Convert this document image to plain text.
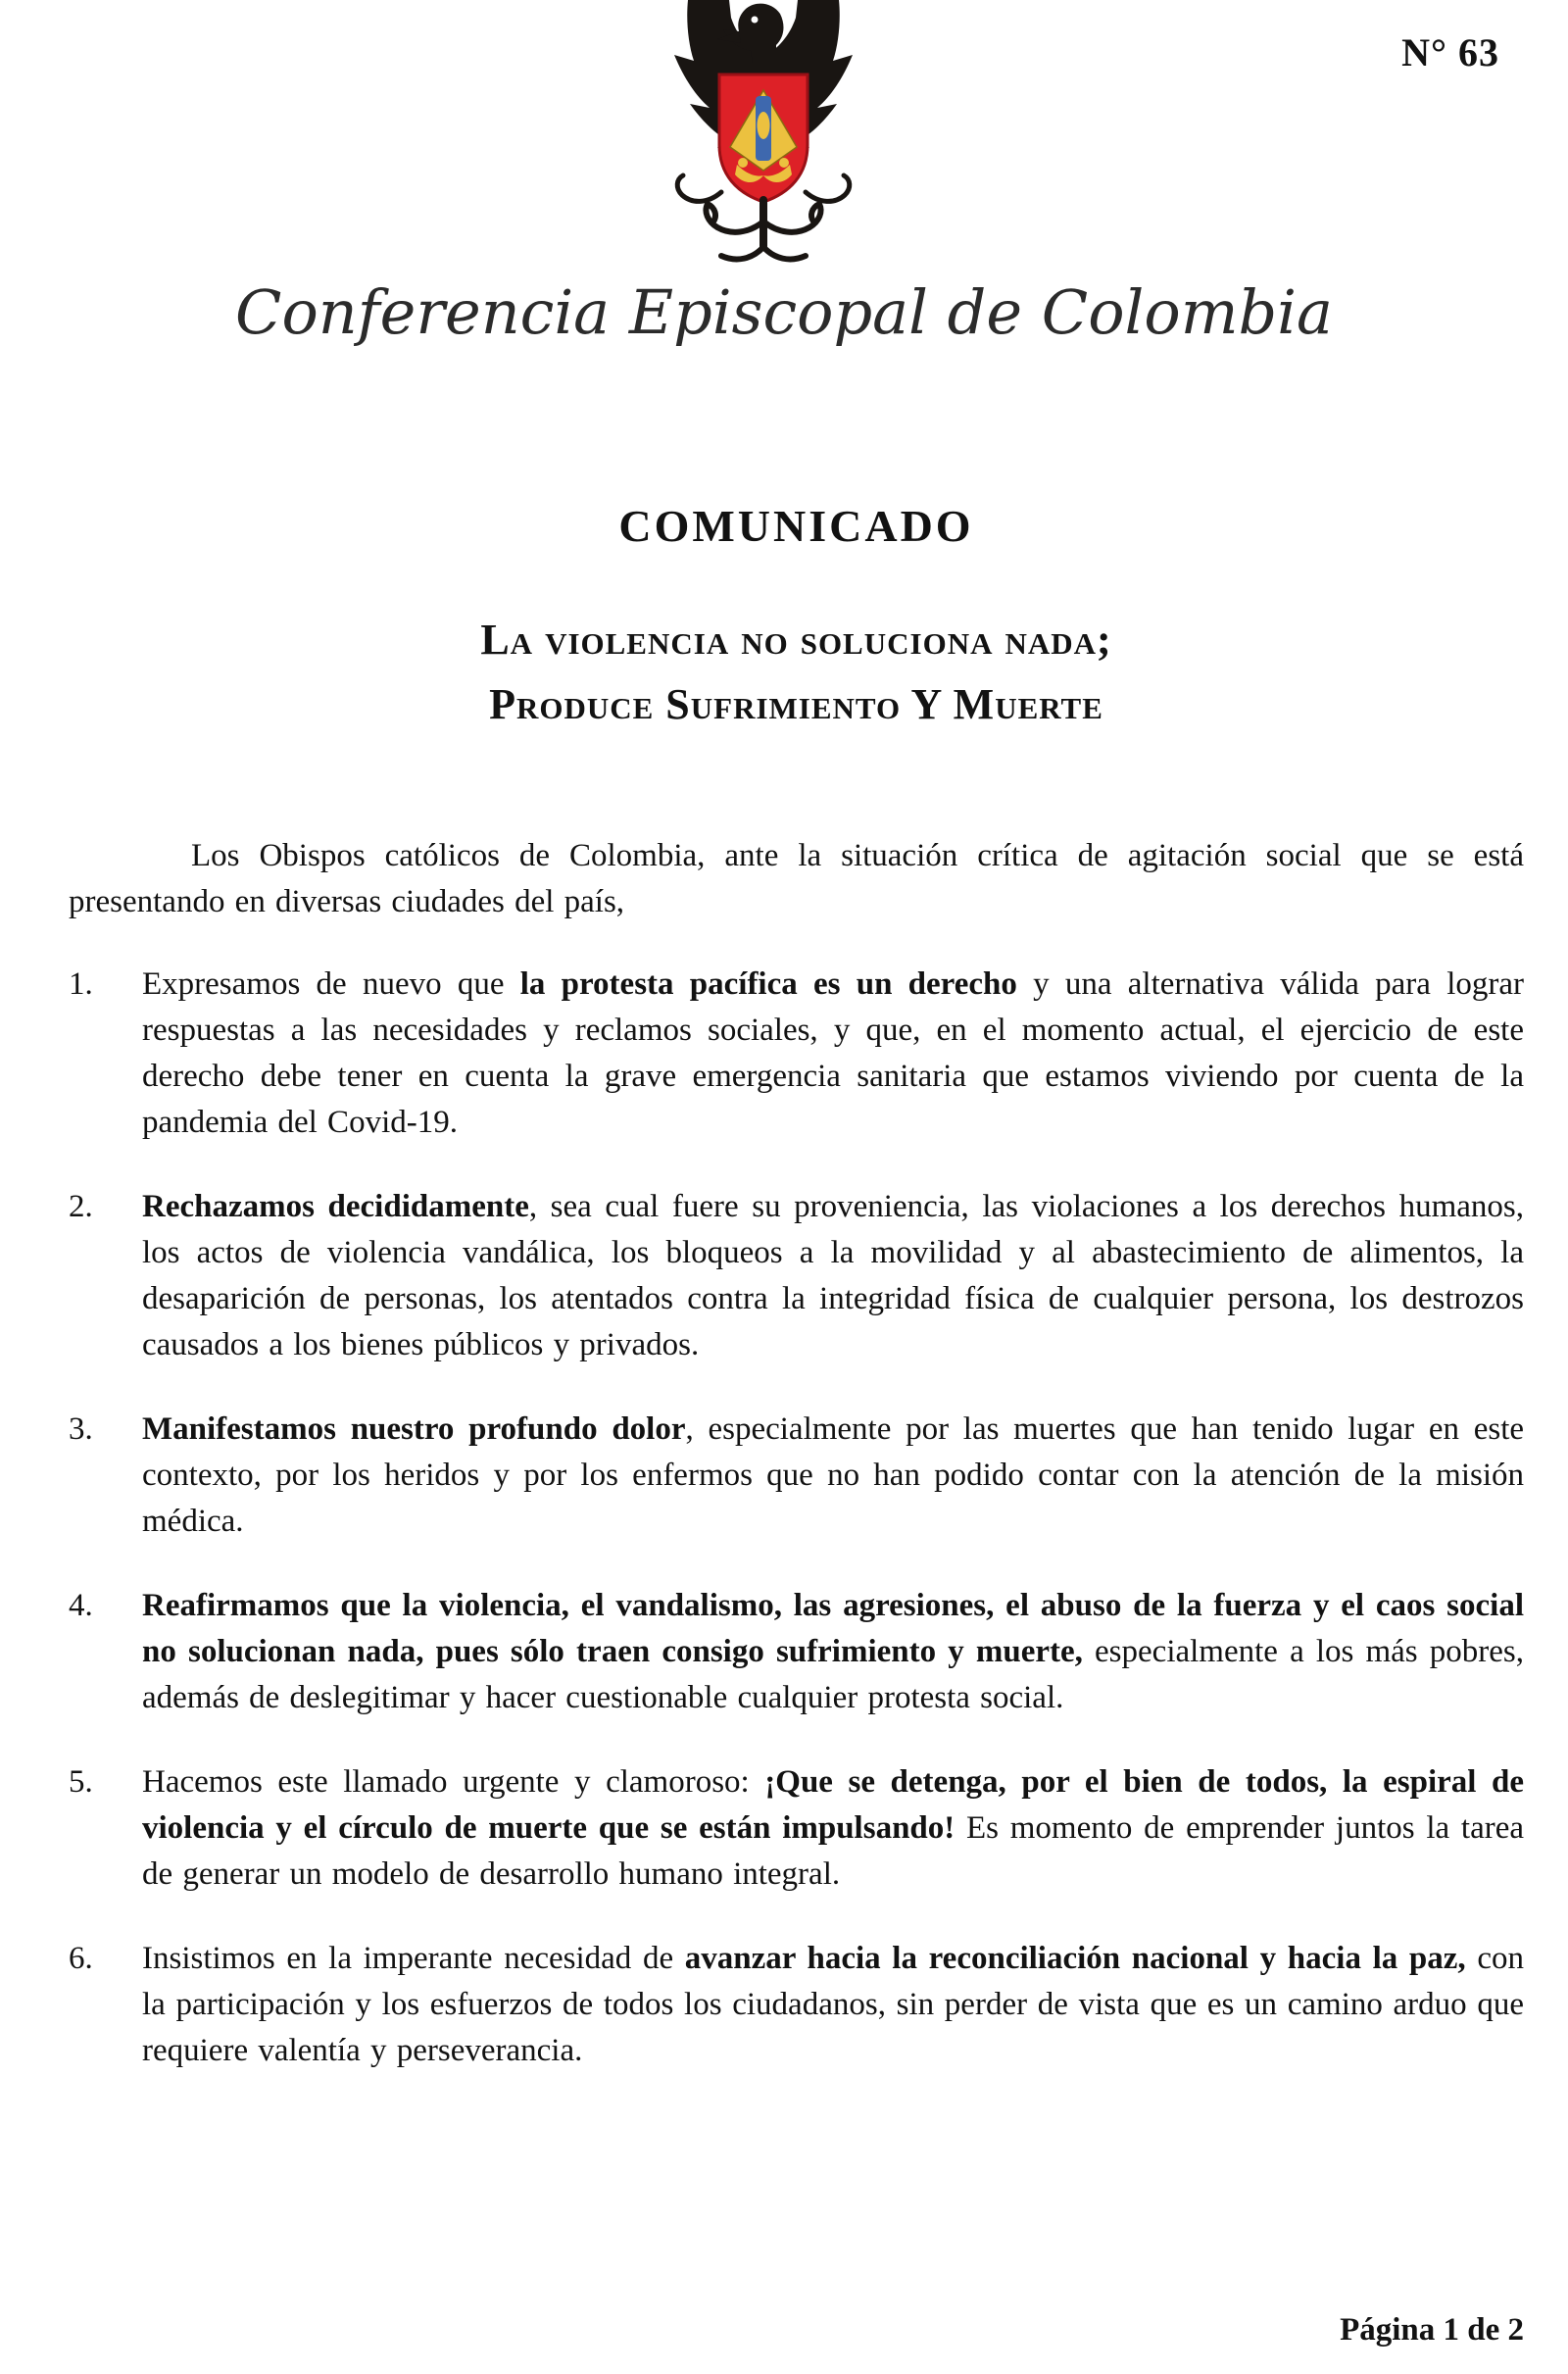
N° 63
Conferencia Episcopal de Colombia
COMUNICADO
La violencia no soluciona nada;
Produce Sufrimiento Y Muerte

Los Obispos católicos de Colombia, ante la situación crítica de agitación social que se está presentando en diversas ciudades del país,

1.	Expresamos de nuevo que la protesta pacífica es un derecho y una alternativa válida para lograr respuestas a las necesidades y reclamos sociales, y que, en el momento actual, el ejercicio de este derecho debe tener en cuenta la grave emergencia sanitaria que estamos viviendo por cuenta de la pandemia del Covid-19.
2.	Rechazamos decididamente, sea cual fuere su proveniencia, las violaciones a los derechos humanos, los actos de violencia vandálica, los bloqueos a la movilidad y al abastecimiento de alimentos, la desaparición de personas, los atentados contra la integridad física de cualquier persona, los destrozos causados a los bienes públicos y privados.
3.	Manifestamos nuestro profundo dolor, especialmente por las muertes que han tenido lugar en este contexto, por los heridos y por los enfermos que no han podido contar con la atención de la misión médica.
4.	Reafirmamos que la violencia, el vandalismo, las agresiones, el abuso de la fuerza y el caos social no solucionan nada, pues sólo traen consigo sufrimiento y muerte, especialmente a los más pobres, además de deslegitimar y hacer cuestionable cualquier protesta social.
5.	Hacemos este llamado urgente y clamoroso: ¡Que se detenga, por el bien de todos, la espiral de violencia y el círculo de muerte que se están impulsando! Es momento de emprender juntos la tarea de generar un modelo de desarrollo humano integral.
6.	Insistimos en la imperante necesidad de avanzar hacia la reconciliación nacional y hacia la paz, con la participación y los esfuerzos de todos los ciudadanos, sin perder de vista que es un camino arduo que requiere valentía y perseverancia.
Página 1 de 2
